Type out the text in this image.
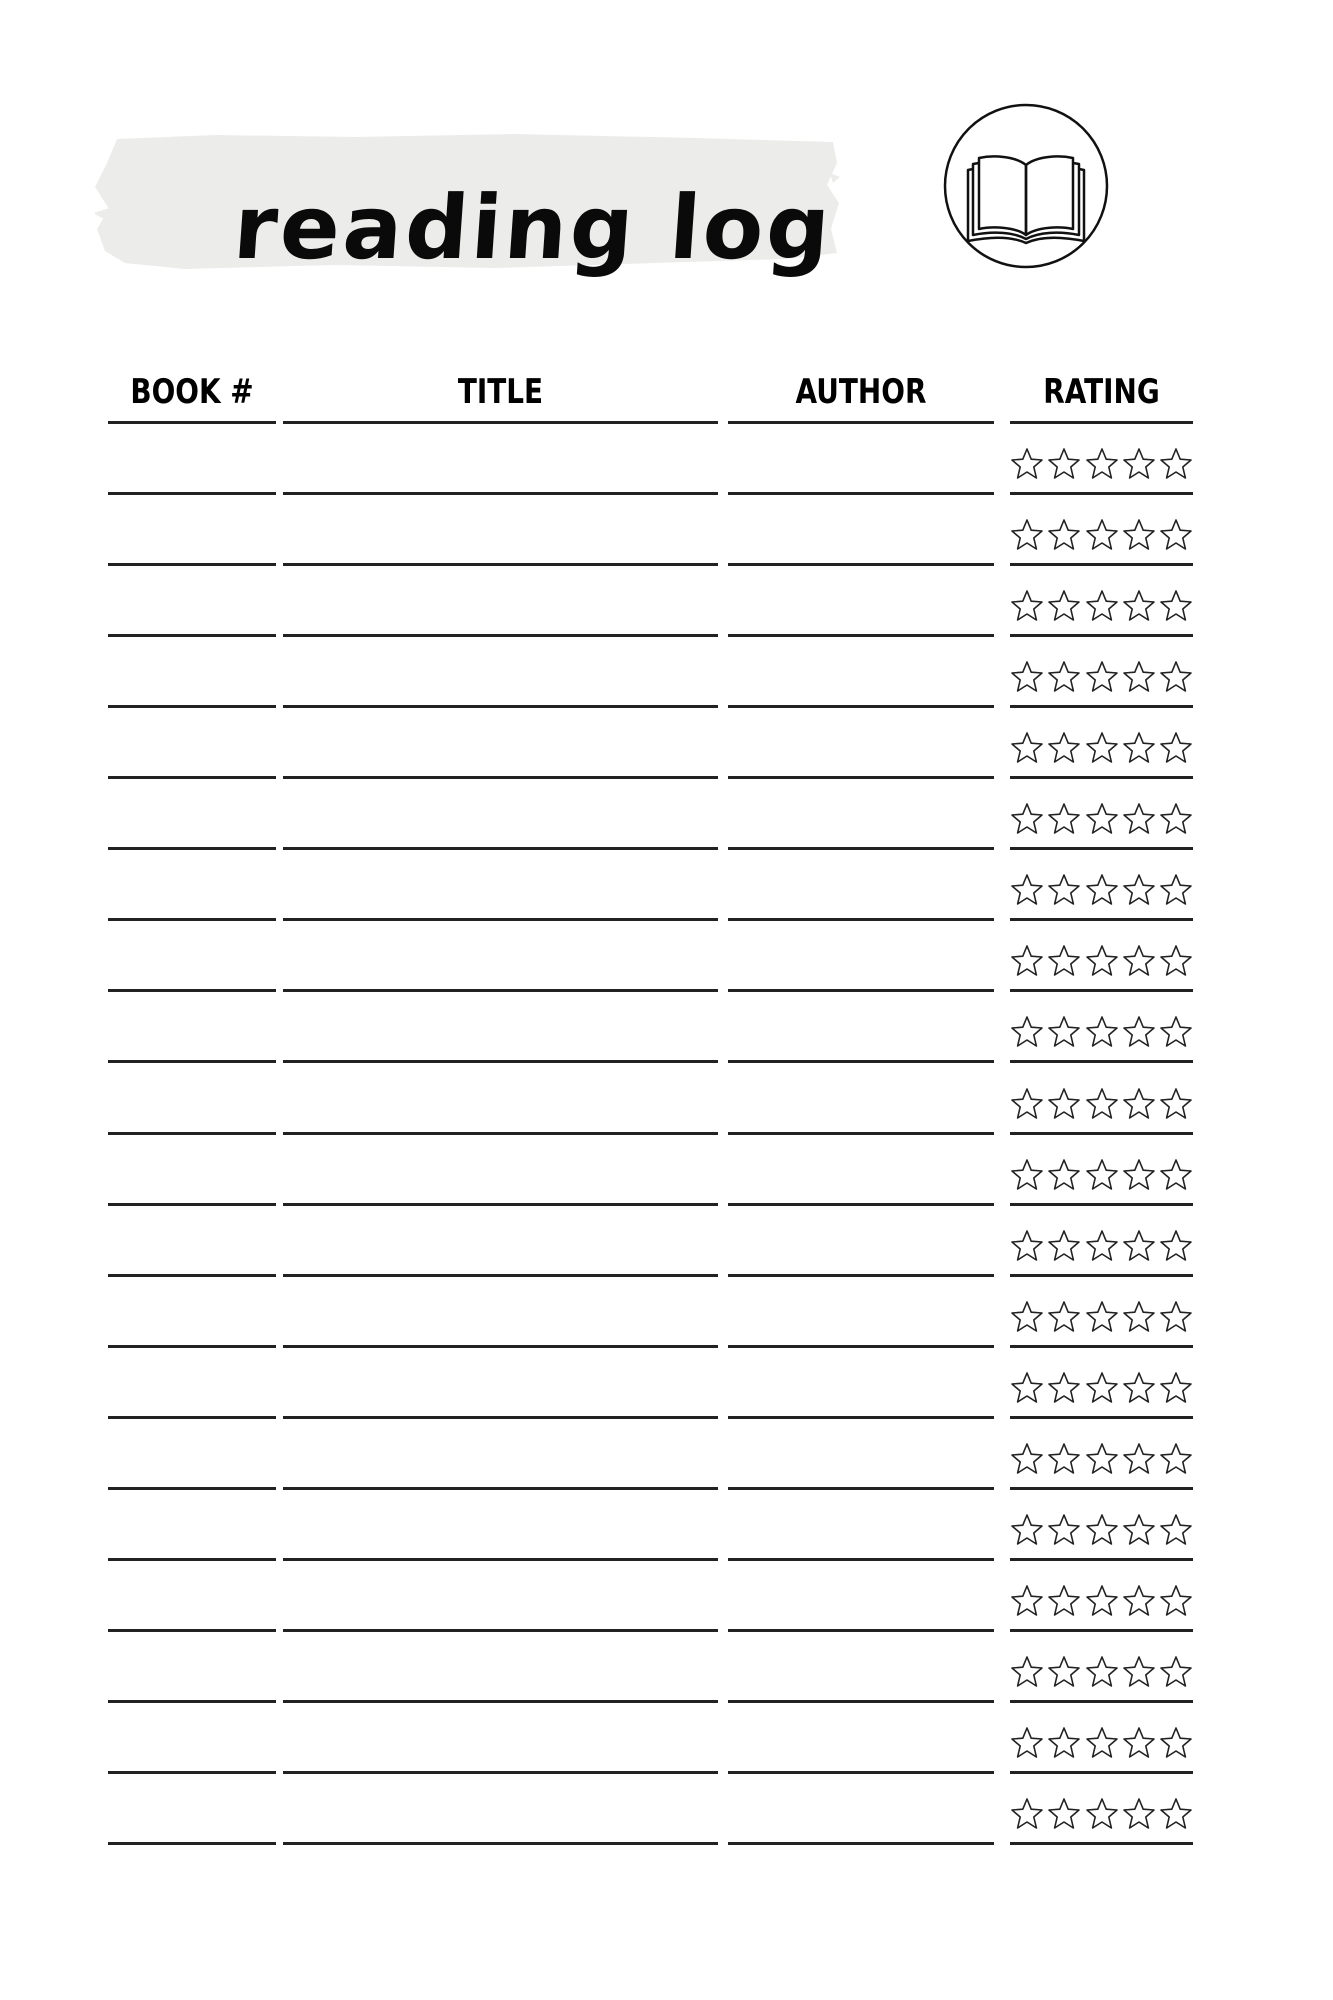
reading log
BOOK #	TITLE	AUTHOR	RATING
